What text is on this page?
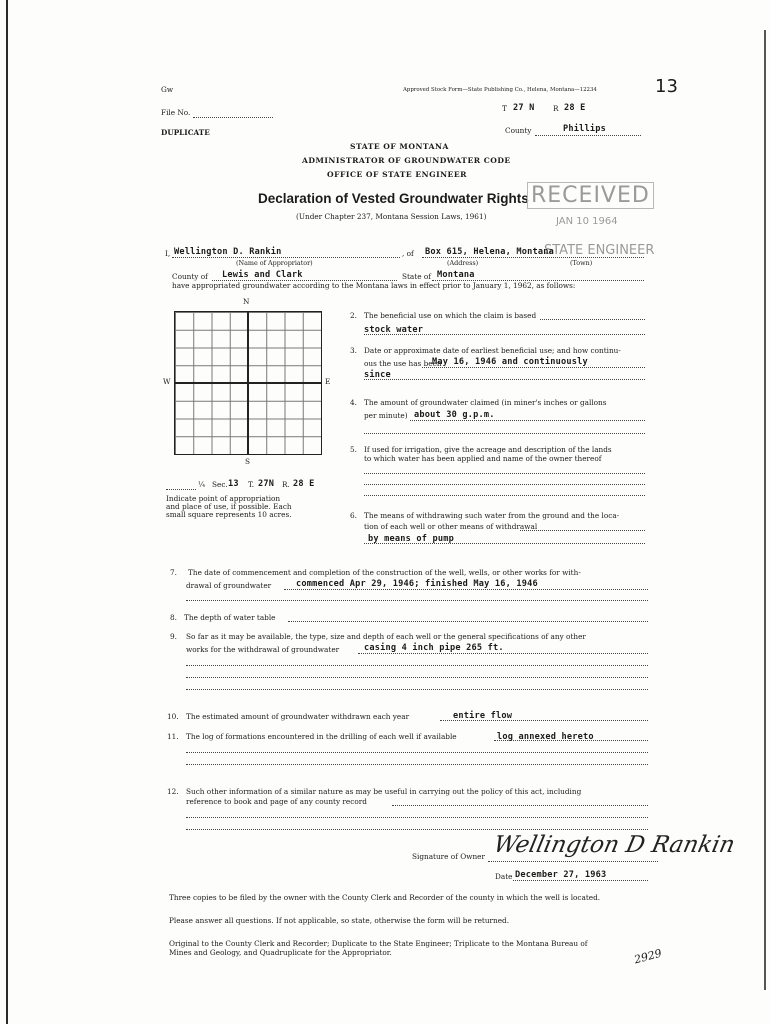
Gw	Approved Stock Form—State Publishing Co., Helena, Montana—12234	13
File No.	T 27 N	R 28 E
DUPLICATE	County	Phillips
STATE OF MONTANA
ADMINISTRATOR OF GROUNDWATER CODE
OFFICE OF STATE ENGINEER
Declaration of Vested Groundwater Rights
(Under Chapter 237, Montana Session Laws, 1961)
RECEIVED
JAN 10 1964
STATE ENGINEER
I, Wellington D. Rankin
(Name of Appropriator)
, of Box 615, Helena, Montana
(Address)	(Town)
County of Lewis and Clark	State of Montana
have appropriated groundwater according to the Montana laws in effect prior to January 1, 1962, as follows:
N
W	E
S
¼ Sec. 13 T. 27N R. 28 E
Indicate point of appropriation
and place of use, if possible. Each
small square represents 10 acres.
2. The beneficial use on which the claim is based
stock water
3. Date or approximate date of earliest beneficial use; and how continu-
ous the use has been
May 16, 1946 and continuously
since
4. The amount of groundwater claimed (in miner's inches or gallons
per minute) about 30 g.p.m.
5. If used for irrigation, give the acreage and description of the lands
to which water has been applied and name of the owner thereof
6. The means of withdrawing such water from the ground and the loca-
tion of each well or other means of withdrawal
by means of pump
7. The date of commencement and completion of the construction of the well, wells, or other works for with-
drawal of groundwater	commenced Apr 29, 1946; finished May 16, 1946
8. The depth of water table
9. So far as it may be available, the type, size and depth of each well or the general specifications of any other
works for the withdrawal of groundwater	casing 4 inch pipe 265 ft.
10. The estimated amount of groundwater withdrawn each year	entire flow
11. The log of formations encountered in the drilling of each well if available	log annexed hereto
12. Such other information of a similar nature as may be useful in carrying out the policy of this act, including
reference to book and page of any county record
Signature of Owner Wellington D Rankin
Date December 27, 1963
Three copies to be filed by the owner with the County Clerk and Recorder of the county in which the well is located.
Please answer all questions. If not applicable, so state, otherwise the form will be returned.
Original to the County Clerk and Recorder; Duplicate to the State Engineer; Triplicate to the Montana Bureau of
Mines and Geology, and Quadruplicate for the Appropriator.	2929
